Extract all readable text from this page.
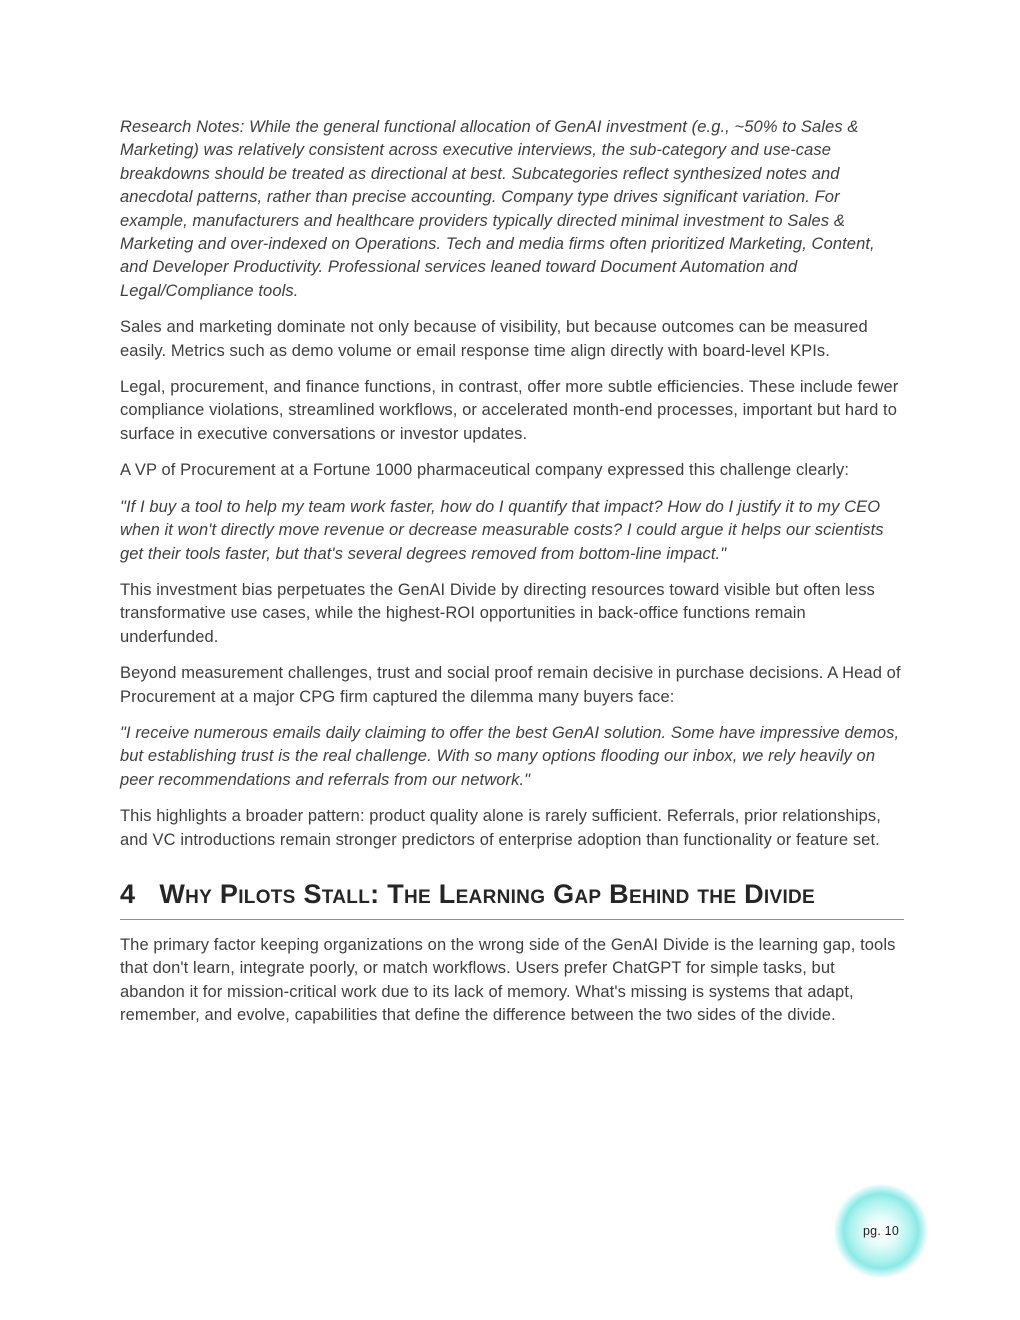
Research Notes: While the general functional allocation of GenAI investment (e.g., ~50% to Sales & Marketing) was relatively consistent across executive interviews, the sub-category and use-case breakdowns should be treated as directional at best. Subcategories reflect synthesized notes and anecdotal patterns, rather than precise accounting. Company type drives significant variation. For example, manufacturers and healthcare providers typically directed minimal investment to Sales & Marketing and over-indexed on Operations. Tech and media firms often prioritized Marketing, Content, and Developer Productivity. Professional services leaned toward Document Automation and Legal/Compliance tools.

Sales and marketing dominate not only because of visibility, but because outcomes can be measured easily. Metrics such as demo volume or email response time align directly with board-level KPIs.

Legal, procurement, and finance functions, in contrast, offer more subtle efficiencies. These include fewer compliance violations, streamlined workflows, or accelerated month-end processes, important but hard to surface in executive conversations or investor updates.

A VP of Procurement at a Fortune 1000 pharmaceutical company expressed this challenge clearly:

"If I buy a tool to help my team work faster, how do I quantify that impact? How do I justify it to my CEO when it won't directly move revenue or decrease measurable costs? I could argue it helps our scientists get their tools faster, but that's several degrees removed from bottom-line impact."

This investment bias perpetuates the GenAI Divide by directing resources toward visible but often less transformative use cases, while the highest-ROI opportunities in back-office functions remain underfunded.

Beyond measurement challenges, trust and social proof remain decisive in purchase decisions. A Head of Procurement at a major CPG firm captured the dilemma many buyers face:

"I receive numerous emails daily claiming to offer the best GenAI solution. Some have impressive demos, but establishing trust is the real challenge. With so many options flooding our inbox, we rely heavily on peer recommendations and referrals from our network."

This highlights a broader pattern: product quality alone is rarely sufficient. Referrals, prior relationships, and VC introductions remain stronger predictors of enterprise adoption than functionality or feature set.

4 Why Pilots Stall: The Learning Gap Behind the Divide

The primary factor keeping organizations on the wrong side of the GenAI Divide is the learning gap, tools that don't learn, integrate poorly, or match workflows. Users prefer ChatGPT for simple tasks, but abandon it for mission-critical work due to its lack of memory. What's missing is systems that adapt, remember, and evolve, capabilities that define the difference between the two sides of the divide.

pg. 10
